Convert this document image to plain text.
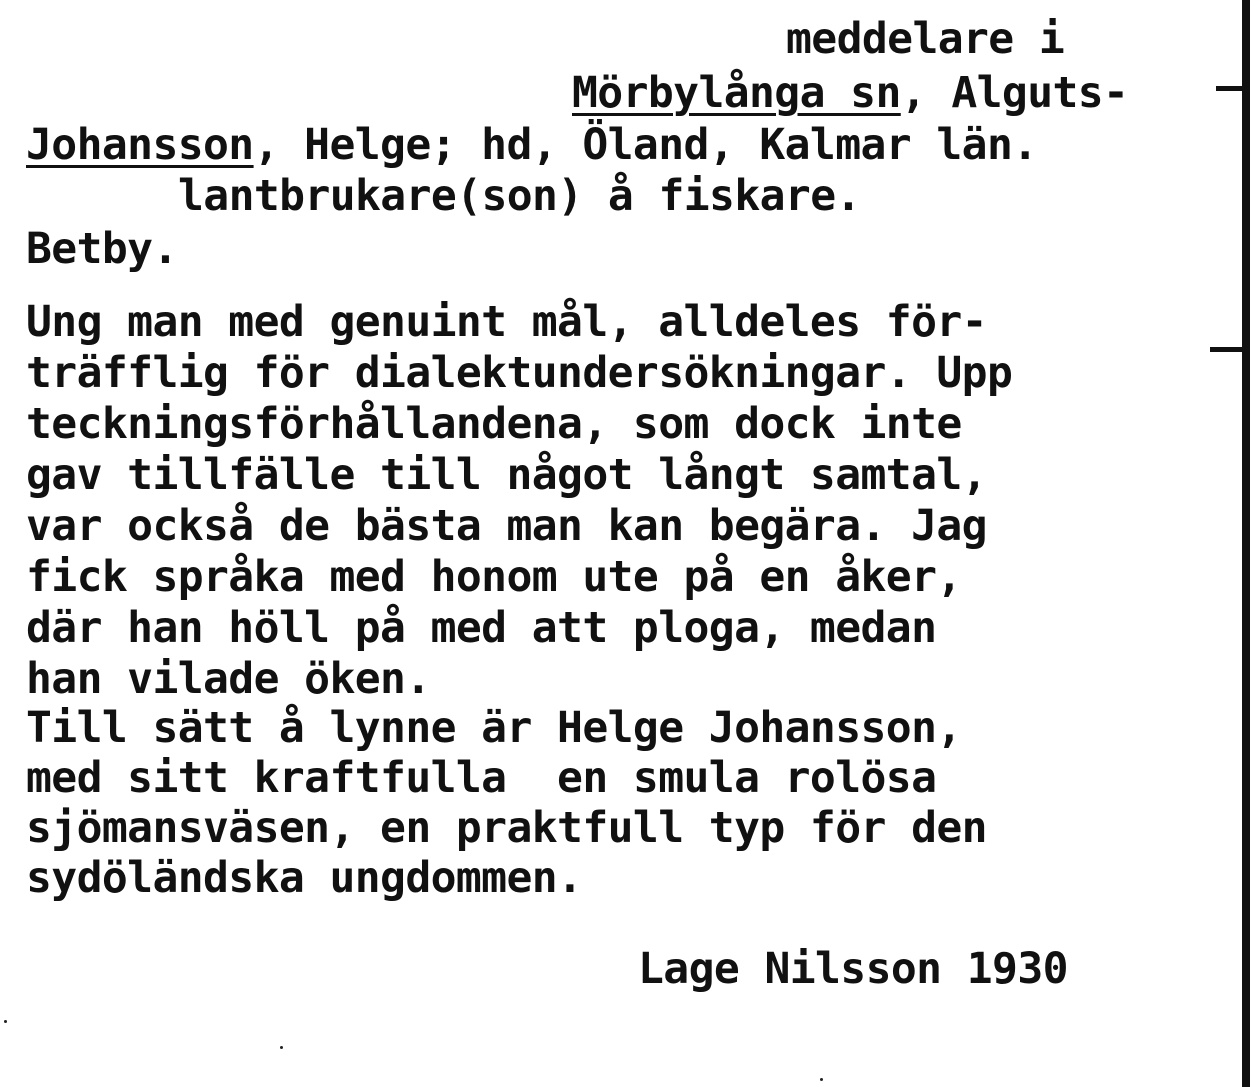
meddelare i
Mörbylånga sn, Alguts-
Johansson, Helge; hd, Öland, Kalmar län.
lantbrukare(son) å fiskare.
Betby.
Ung man med genuint mål, alldeles för-
träfflig för dialektundersökningar. Upp
teckningsförhållandena, som dock inte
gav tillfälle till något långt samtal,
var också de bästa man kan begära. Jag
fick språka med honom ute på en åker,
där han höll på med att ploga, medan
han vilade öken.
Till sätt å lynne är Helge Johansson,
med sitt kraftfulla  en smula rolösa
sjömansväsen, en praktfull typ för den
sydöländska ungdommen.
Lage Nilsson 1930
